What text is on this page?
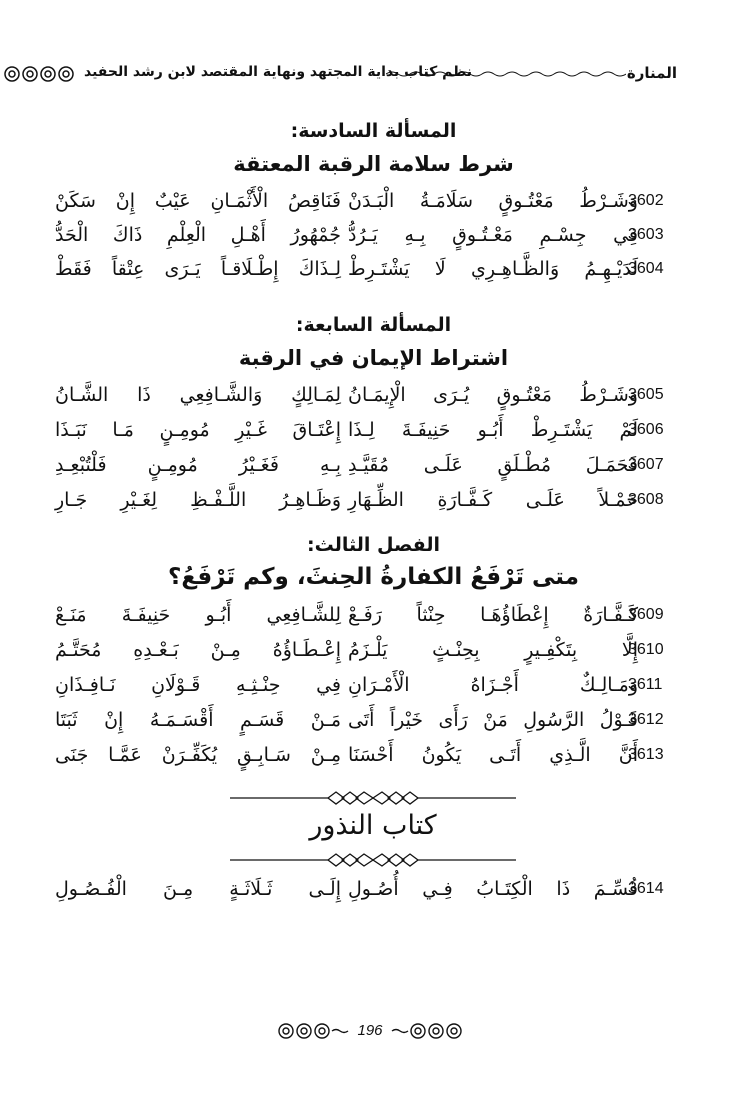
المنارة
نظم كتاب بداية المجتهد ونهاية المقتصد لابن رشد الحفيد
المسألة السادسة:
شرط سلامة الرقبة المعتقة
3602
وَشَـرْطُ مَعْتُـوقٍ سَلَامَـةُ الْبَـدَنْ
فَنَاقِصُ الْأَثْمَـانِ عَيْبٌ إِنْ سَكَنْ
3603
فِي جِسْـمِ مَعْـتُـوقٍ بِـهِ يَـرُدُّ
جُمْهُورُ أَهْـلِ الْعِلْمِ ذَاكَ الْحَدُّ
3604
لَدَيْـهِـمُ وَالظَّـاهِـرِي لَا يَشْتَـرِطْ
لِـذَاكَ إِطْـلَاقـاً يَـرَى عِتْقاً فَقَطْ
المسألة السابعة:
اشتراط الإيمان في الرقبة
3605
وَشَـرْطُ مَعْتُـوقٍ يُـرَى الْإِيمَـانُ
لِمَـالِكٍ وَالشَّـافِعِي ذَا الشَّـانُ
3606
لَمْ يَشْتَـرِطْ أَبُـو حَنِيفَـةَ لِـذَا
إِعْتَـاقَ غَـيْرِ مُومِـنٍ مَـا نَبَـذَا
3607
فَحَمَـلَ مُطْـلَقٍ عَلَـى مُقَيَّـدِ
بِـهِ فَغَـيْرُ مُومِـنٍ فَلْتُبْعِـدِ
3608
حَمْـلاً عَلَـى كَـفَّـارَةِ الظِّـهَارِ
وَظَـاهِـرُ اللَّـفْـظِ لِغَـيْرِ جَـارِ
الفصل الثالث:
متى تَرْفَعُ الكفارةُ الحِنثَ، وكم تَرْفَعُ؟
3609
كَـفَّـارَةٌ إِعْطَاؤُهَـا حِنْثاً رَفَـعْ
لِلشَّـافِعِي أَبُـو حَنِيفَـةَ مَنَـعْ
3610
إِلَّا بِتَكْفِـيرٍ بِحِنْـثٍ يَلْـزَمُ
إِعْـطَـاؤُهُ مِـنْ بَـعْـدِهِ مُحَتَّـمُ
3611
وَمَـالِـكٌ أَجْـزَاهُ الْأَمْـرَانِ
فِي حِنْـثِـهِ قَـوْلَانِ نَـافِـذَانِ
3612
قَـوْلُ الرَّسُولِ مَنْ رَأَى خَيْراً أَتَى
مَـنْ قَسَـمٍ أَقْسَـمَـهُ إِنْ ثَبَتَا
3613
أَنَّ الَّـذِي أَتَـى يَكُونُ أَحْسَنَا
مِـنْ سَـابِـقٍ يُكَفِّـرَنْ عَمَّـا جَنَى
كتاب النذور
3614
قُسِّـمَ ذَا الْكِتَـابُ فِـي أُصُـولِ
إِلَـى ثَـلَاثَـةٍ مِـنَ الْفُـصُـولِ
196
